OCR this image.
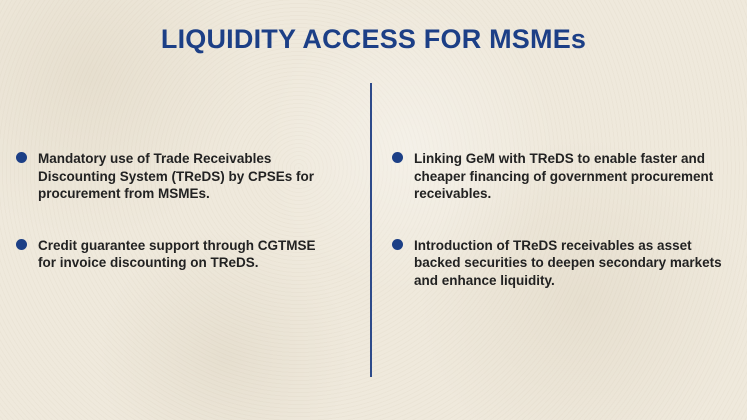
LIQUIDITY ACCESS FOR MSMEs
Mandatory use of Trade Receivables Discounting System (TReDS) by CPSEs for procurement from MSMEs.
Credit guarantee support through CGTMSE for invoice discounting on TReDS.
Linking GeM with TReDS to enable faster and cheaper financing of government procurement receivables.
Introduction of TReDS receivables as asset backed securities to deepen secondary markets and enhance liquidity.
